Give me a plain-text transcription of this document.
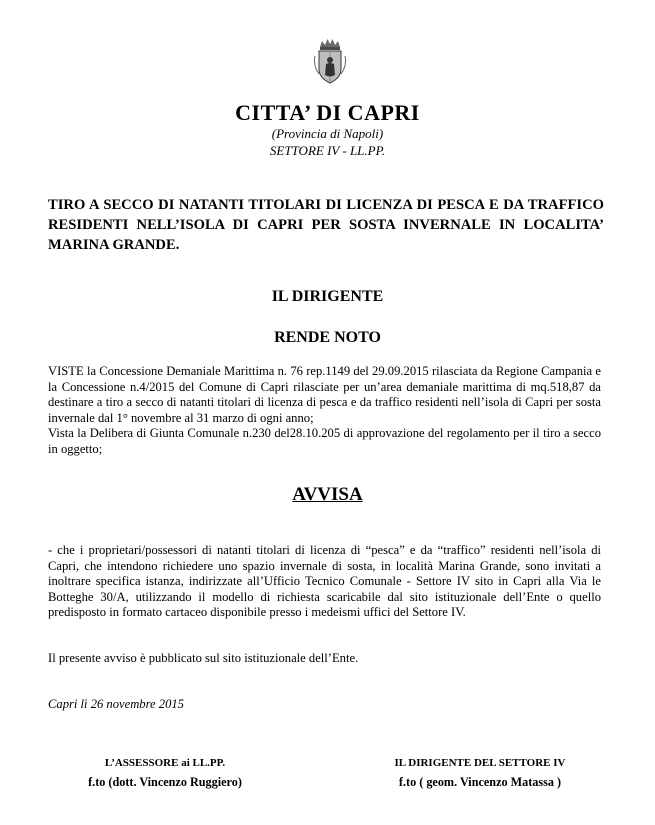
CITTA’ DI CAPRI
(Provincia di Napoli)
SETTORE IV - LL.PP.
TIRO A SECCO DI NATANTI TITOLARI DI LICENZA DI PESCA E DA TRAFFICO RESIDENTI NELL’ISOLA DI CAPRI PER SOSTA INVERNALE IN LOCALITA’ MARINA GRANDE.
IL DIRIGENTE
RENDE NOTO

VISTE la Concessione Demaniale Marittima n. 76 rep.1149 del 29.09.2015 rilasciata da Regione Campania e la Concessione n.4/2015 del Comune di Capri rilasciate per un’area demaniale marittima di mq.518,87 da destinare a tiro a secco di natanti titolari di licenza di pesca e da traffico residenti nell’isola di Capri per sosta invernale dal 1° novembre al 31 marzo di ogni anno;

Vista la Delibera di Giunta Comunale n.230 del28.10.205 di approvazione del regolamento per il tiro a secco in oggetto;

AVVISA
- che i proprietari/possessori di natanti titolari di licenza di “pesca” e da “traffico” residenti nell’isola di Capri, che intendono richiedere uno spazio invernale di sosta, in località Marina Grande, sono invitati a inoltrare specifica istanza, indirizzate all’Ufficio Tecnico Comunale - Settore IV sito in Capri alla Via le Botteghe 30/A, utilizzando il modello di richiesta scaricabile dal sito istituzionale dell’Ente o quello predisposto in formato cartaceo disponibile presso i medeismi uffici del Settore IV.
Il presente avviso è pubblicato sul sito istituzionale dell’Ente.
Capri lì 26 novembre 2015
L’ASSESSORE ai LL.PP.
f.to (dott. Vincenzo Ruggiero)
IL DIRIGENTE DEL SETTORE IV
f.to ( geom. Vincenzo Matassa )
